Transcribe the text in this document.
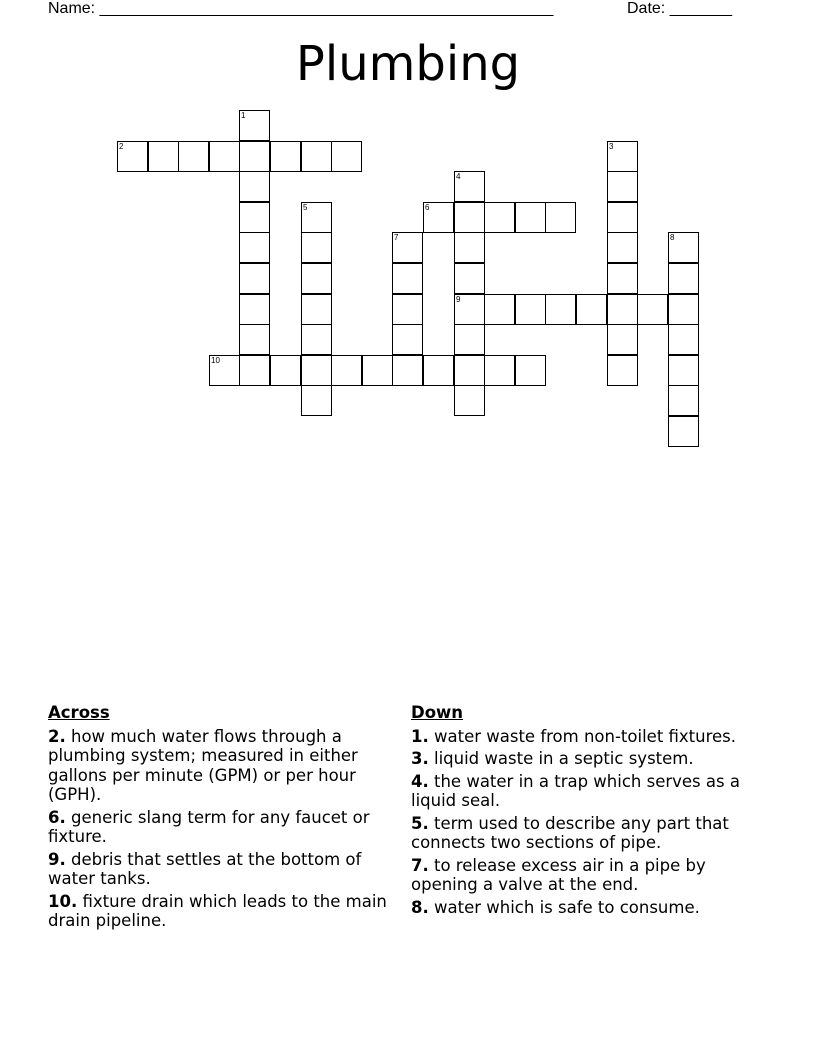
Name: ___________________________________________________	Date: _______
Plumbing
1
2	3
4
9
5	6
7	8
10
Across
2. how much water flows through a plumbing system; measured in either gallons per minute (GPM) or per hour (GPH).
6. generic slang term for any faucet or fixture.
9. debris that settles at the bottom of water tanks.
10. fixture drain which leads to the main drain pipeline.
Down
1. water waste from non-toilet fixtures.
3. liquid waste in a septic system.
4. the water in a trap which serves as a liquid seal.
5. term used to describe any part that connects two sections of pipe.
7. to release excess air in a pipe by opening a valve at the end.
8. water which is safe to consume.
